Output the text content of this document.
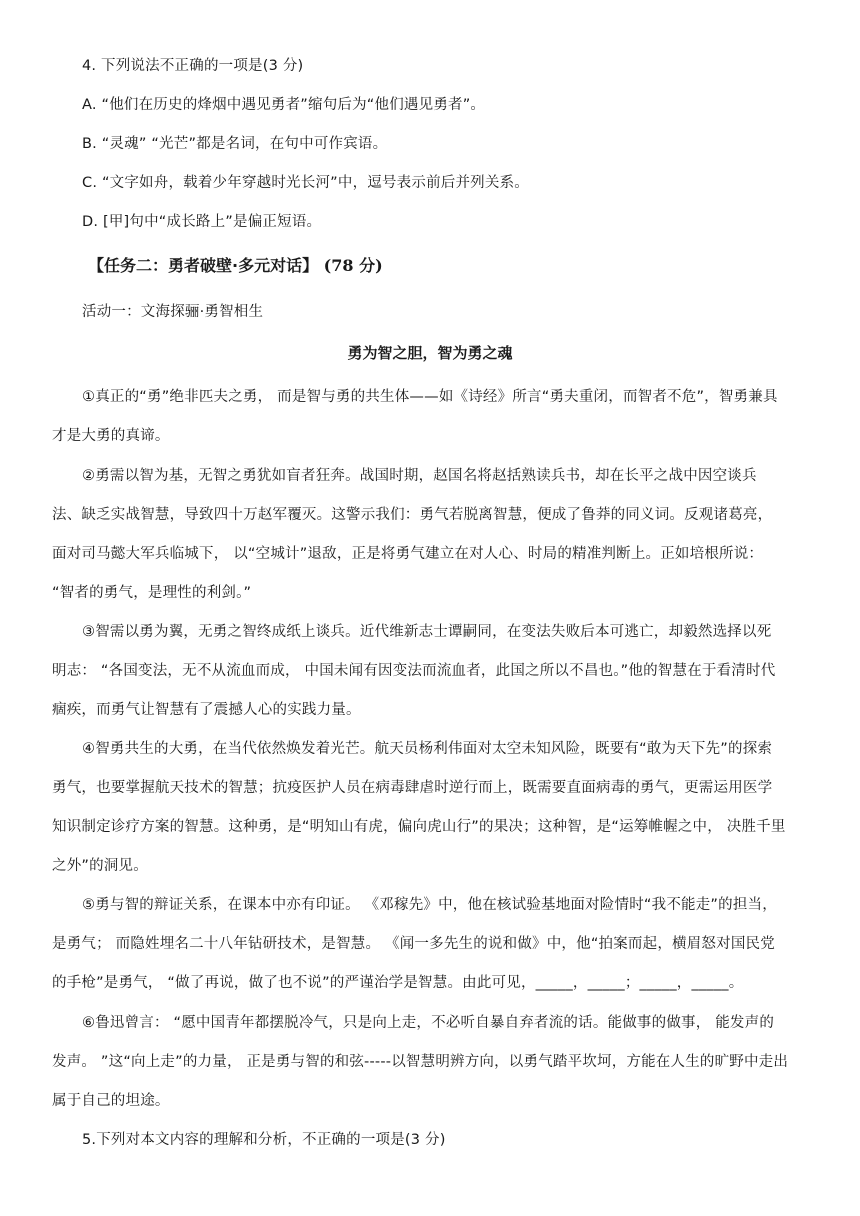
4. 下列说法不正确的一项是(3 分)
A. “他们在历史的烽烟中遇见勇者”缩句后为“他们遇见勇者”。
B. “灵魂” “光芒”都是名词，在句中可作宾语。
C. “文字如舟，载着少年穿越时光长河”中，逗号表示前后并列关系。
D. [甲]句中“成长路上”是偏正短语。
【任务二：勇者破壁·多元对话】 (78 分)
活动一：文海探骊·勇智相生
勇为智之胆，智为勇之魂
①真正的“勇”绝非匹夫之勇， 而是智与勇的共生体——如《诗经》所言“勇夫重闭，而智者不危”，智勇兼具
才是大勇的真谛。
②勇需以智为基，无智之勇犹如盲者狂奔。战国时期，赵国名将赵括熟读兵书，却在长平之战中因空谈兵
法、缺乏实战智慧，导致四十万赵军覆灭。这警示我们：勇气若脱离智慧，便成了鲁莽的同义词。反观诸葛亮，
面对司马懿大军兵临城下， 以“空城计”退敌，正是将勇气建立在对人心、时局的精准判断上。正如培根所说：
“智者的勇气，是理性的利剑。”
③智需以勇为翼，无勇之智终成纸上谈兵。近代维新志士谭嗣同，在变法失败后本可逃亡，却毅然选择以死
明志： “各国变法，无不从流血而成， 中国未闻有因变法而流血者，此国之所以不昌也。”他的智慧在于看清时代
痼疾，而勇气让智慧有了震撼人心的实践力量。
④智勇共生的大勇，在当代依然焕发着光芒。航天员杨利伟面对太空未知风险，既要有“敢为天下先”的探索
勇气，也要掌握航天技术的智慧；抗疫医护人员在病毒肆虐时逆行而上，既需要直面病毒的勇气，更需运用医学
知识制定诊疗方案的智慧。这种勇，是“明知山有虎，偏向虎山行”的果决；这种智，是“运筹帷幄之中， 决胜千里
之外”的洞见。
⑤勇与智的辩证关系，在课本中亦有印证。 《邓稼先》中，他在核试验基地面对险情时“我不能走”的担当，
是勇气； 而隐姓埋名二十八年钻研技术，是智慧。 《闻一多先生的说和做》中，他“拍案而起，横眉怒对国民党
的手枪”是勇气， “做了再说，做了也不说”的严谨治学是智慧。由此可见，_____，_____；_____，_____。
⑥鲁迅曾言： “愿中国青年都摆脱冷气，只是向上走，不必听自暴自弃者流的话。能做事的做事， 能发声的
发声。 ”这“向上走”的力量， 正是勇与智的和弦-----以智慧明辨方向，以勇气踏平坎坷，方能在人生的旷野中走出
属于自己的坦途。
5.下列对本文内容的理解和分析，不正确的一项是(3 分)
